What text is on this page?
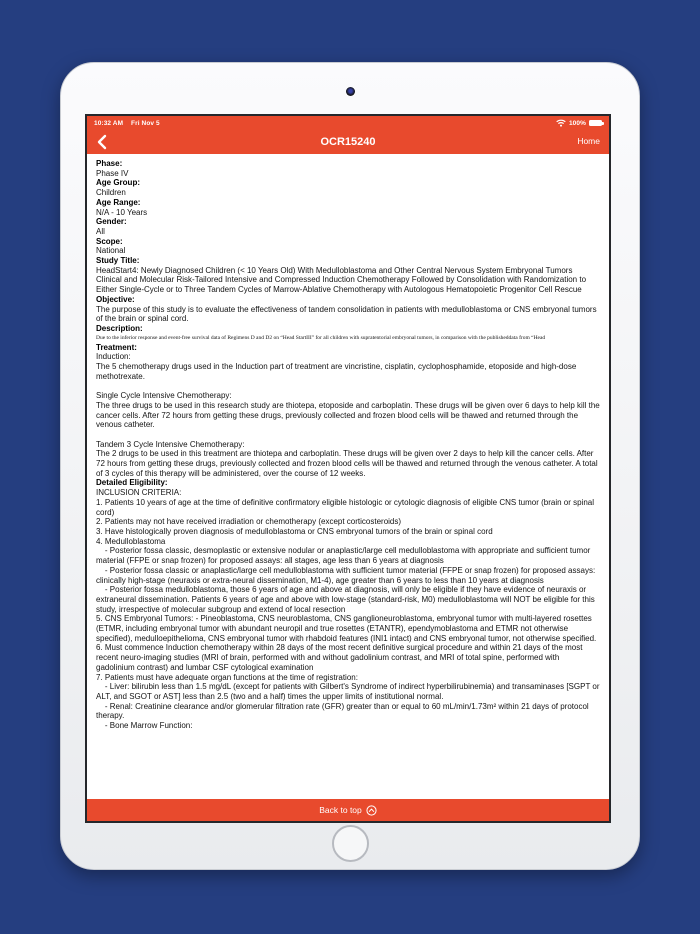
10:32 AM Fri Nov 5	100%
OCR15240	Home
Phase:
Phase IV
Age Group:
Children
Age Range:
N/A - 10 Years
Gender:
All
Scope:
National
Study Title:
HeadStart4: Newly Diagnosed Children (< 10 Years Old) With Medulloblastoma and Other Central Nervous System Embryonal Tumors Clinical and Molecular Risk-Tailored Intensive and Compressed Induction Chemotherapy Followed by Consolidation with Randomization to Either Single-Cycle or to Three Tandem Cycles of Marrow-Ablative Chemotherapy with Autologous Hematopoietic Progenitor Cell Rescue
Objective:
The purpose of this study is to evaluate the effectiveness of tandem consolidation in patients with medulloblastoma or CNS embryonal tumors of the brain or spinal cord.
Description:
Due to the inferior response and event-free survival data of Regimens D and D2 on “Head StartIII” for all children with supratentorial embryonal tumors, in comparison with the publisheddata from “Head
Treatment:
Induction:
The 5 chemotherapy drugs used in the Induction part of treatment are vincristine, cisplatin, cyclophosphamide, etoposide and high-dose methotrexate.
Single Cycle Intensive Chemotherapy:
The three drugs to be used in this research study are thiotepa, etoposide and carboplatin. These drugs will be given over 6 days to help kill the cancer cells. After 72 hours from getting these drugs, previously collected and frozen blood cells will be thawed and returned through the venous catheter.
Tandem 3 Cycle Intensive Chemotherapy:
The 2 drugs to be used in this treatment are thiotepa and carboplatin. These drugs will be given over 2 days to help kill the cancer cells. After 72 hours from getting these drugs, previously collected and frozen blood cells will be thawed and returned through the venous catheter. A total of 3 cycles of this therapy will be administered, over the course of 12 weeks.
Detailed Eligibility:
INCLUSION CRITERIA:
1. Patients 10 years of age at the time of definitive confirmatory eligible histologic or cytologic diagnosis of eligible CNS tumor (brain or spinal cord)
2. Patients may not have received irradiation or chemotherapy (except corticosteroids)
3. Have histologically proven diagnosis of medulloblastoma or CNS embryonal tumors of the brain or spinal cord
4. Medulloblastoma
- Posterior fossa classic, desmoplastic or extensive nodular or anaplastic/large cell medulloblastoma with appropriate and sufficient tumor material (FFPE or snap frozen) for proposed assays: all stages, age less than 6 years at diagnosis
- Posterior fossa classic or anaplastic/large cell medulloblastoma with sufficient tumor material (FFPE or snap frozen) for proposed assays: clinically high-stage (neuraxis or extra-neural dissemination, M1-4), age greater than 6 years to less than 10 years at diagnosis
- Posterior fossa medulloblastoma, those 6 years of age and above at diagnosis, will only be eligible if they have evidence of neuraxis or extraneural dissemination. Patients 6 years of age and above with low-stage (standard-risk, M0) medulloblastoma will NOT be eligible for this study, irrespective of molecular subgroup and extend of local resection
5. CNS Embryonal Tumors: - Pineoblastoma, CNS neuroblastoma, CNS ganglioneuroblastoma, embryonal tumor with multi-layered rosettes (ETMR, including embryonal tumor with abundant neuropil and true rosettes (ETANTR), ependymoblastoma and ETMR not otherwise specified), medulloepithelioma, CNS embryonal tumor with rhabdoid features (INI1 intact) and CNS embryonal tumor, not otherwise specified.
6. Must commence Induction chemotherapy within 28 days of the most recent definitive surgical procedure and within 21 days of the most recent neuro-imaging studies (MRI of brain, performed with and without gadolinium contrast, and MRI of total spine, performed with gadolinium contrast) and lumbar CSF cytological examination
7. Patients must have adequate organ functions at the time of registration:
- Liver: bilirubin less than 1.5 mg/dL (except for patients with Gilbert's Syndrome of indirect hyperbilirubinemia) and transaminases [SGPT or ALT, and SGOT or AST] less than 2.5 (two and a half) times the upper limits of institutional normal.
- Renal: Creatinine clearance and/or glomerular filtration rate (GFR) greater than or equal to 60 mL/min/1.73m² within 21 days of protocol therapy.
- Bone Marrow Function:
Back to top
